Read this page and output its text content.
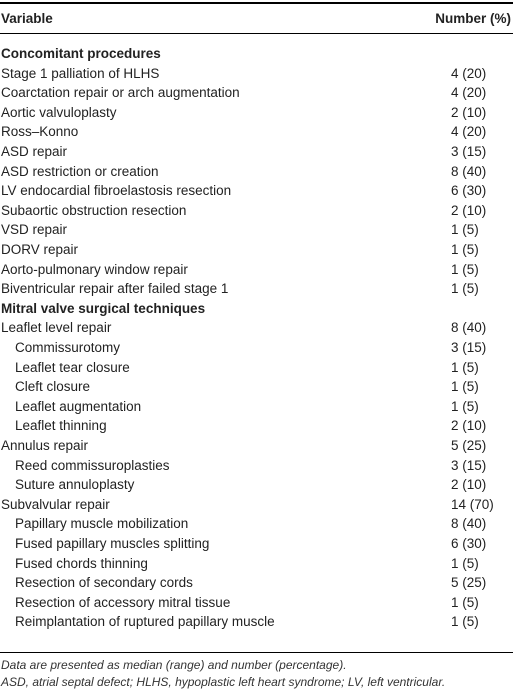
Variable	Number (%)
Concomitant procedures
Stage 1 palliation of HLHS	4 (20)
Coarctation repair or arch augmentation	4 (20)
Aortic valvuloplasty	2 (10)
Ross–Konno	4 (20)
ASD repair	3 (15)
ASD restriction or creation	8 (40)
LV endocardial fibroelastosis resection	6 (30)
Subaortic obstruction resection	2 (10)
VSD repair	1 (5)
DORV repair	1 (5)
Aorto-pulmonary window repair	1 (5)
Biventricular repair after failed stage 1	1 (5)
Mitral valve surgical techniques
Leaflet level repair	8 (40)
Commissurotomy	3 (15)
Leaflet tear closure	1 (5)
Cleft closure	1 (5)
Leaflet augmentation	1 (5)
Leaflet thinning	2 (10)
Annulus repair	5 (25)
Reed commissuroplasties	3 (15)
Suture annuloplasty	2 (10)
Subvalvular repair	14 (70)
Papillary muscle mobilization	8 (40)
Fused papillary muscles splitting	6 (30)
Fused chords thinning	1 (5)
Resection of secondary cords	5 (25)
Resection of accessory mitral tissue	1 (5)
Reimplantation of ruptured papillary muscle	1 (5)
Data are presented as median (range) and number (percentage).
ASD, atrial septal defect; HLHS, hypoplastic left heart syndrome; LV, left ventricular.
